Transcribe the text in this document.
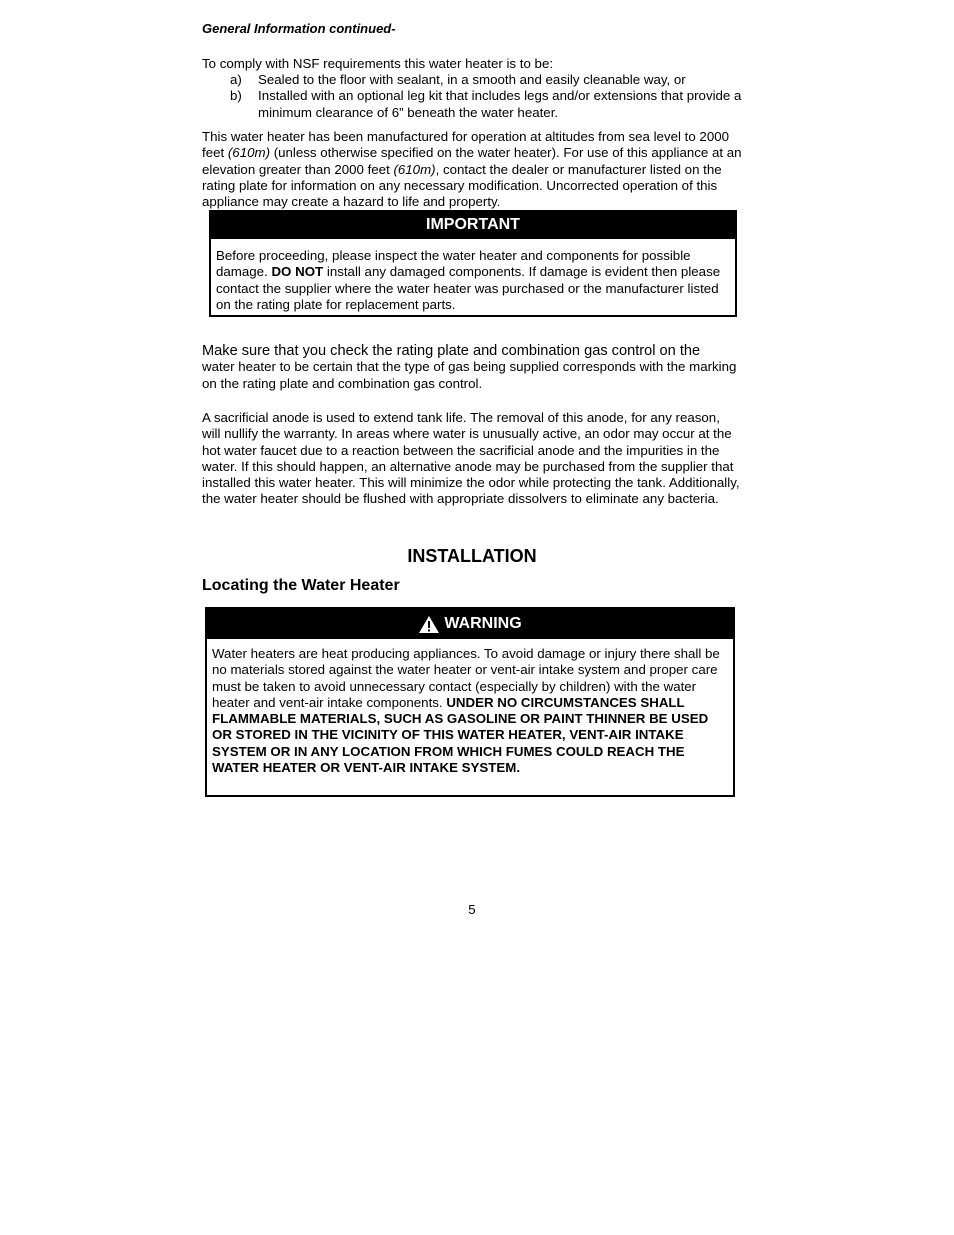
General Information continued-

To comply with NSF requirements this water heater is to be:

a)	Sealed to the floor with sealant, in a smooth and easily cleanable way, or
b)	Installed with an optional leg kit that includes legs and/or extensions that provide a minimum clearance of 6” beneath the water heater.

This water heater has been manufactured for operation at altitudes from sea level to 2000 feet (610m) (unless otherwise specified on the water heater). For use of this appliance at an elevation greater than 2000 feet (610m), contact the dealer or manufacturer listed on the rating plate for information on any necessary modification. Uncorrected operation of this appliance may create a hazard to life and property.

IMPORTANT
Before proceeding, please inspect the water heater and components for possible damage. DO NOT install any damaged components. If damage is evident then please contact the supplier where the water heater was purchased or the manufacturer listed on the rating plate for replacement parts.

Make sure that you check the rating plate and combination gas control on the
water heater to be certain that the type of gas being supplied corresponds with the marking on the rating plate and combination gas control.

A sacrificial anode is used to extend tank life. The removal of this anode, for any reason, will nullify the warranty. In areas where water is unusually active, an odor may occur at the hot water faucet due to a reaction between the sacrificial anode and the impurities in the water. If this should happen, an alternative anode may be purchased from the supplier that installed this water heater. This will minimize the odor while protecting the tank. Additionally, the water heater should be flushed with appropriate dissolvers to eliminate any bacteria.

INSTALLATION
Locating the Water Heater
WARNING
Water heaters are heat producing appliances. To avoid damage or injury there shall be no materials stored against the water heater or vent-air intake system and proper care must be taken to avoid unnecessary contact (especially by children) with the water heater and vent-air intake components. UNDER NO CIRCUMSTANCES SHALL FLAMMABLE MATERIALS, SUCH AS GASOLINE OR PAINT THINNER BE USED OR STORED IN THE VICINITY OF THIS WATER HEATER, VENT-AIR INTAKE SYSTEM OR IN ANY LOCATION FROM WHICH FUMES COULD REACH THE WATER HEATER OR VENT-AIR INTAKE SYSTEM.
5
